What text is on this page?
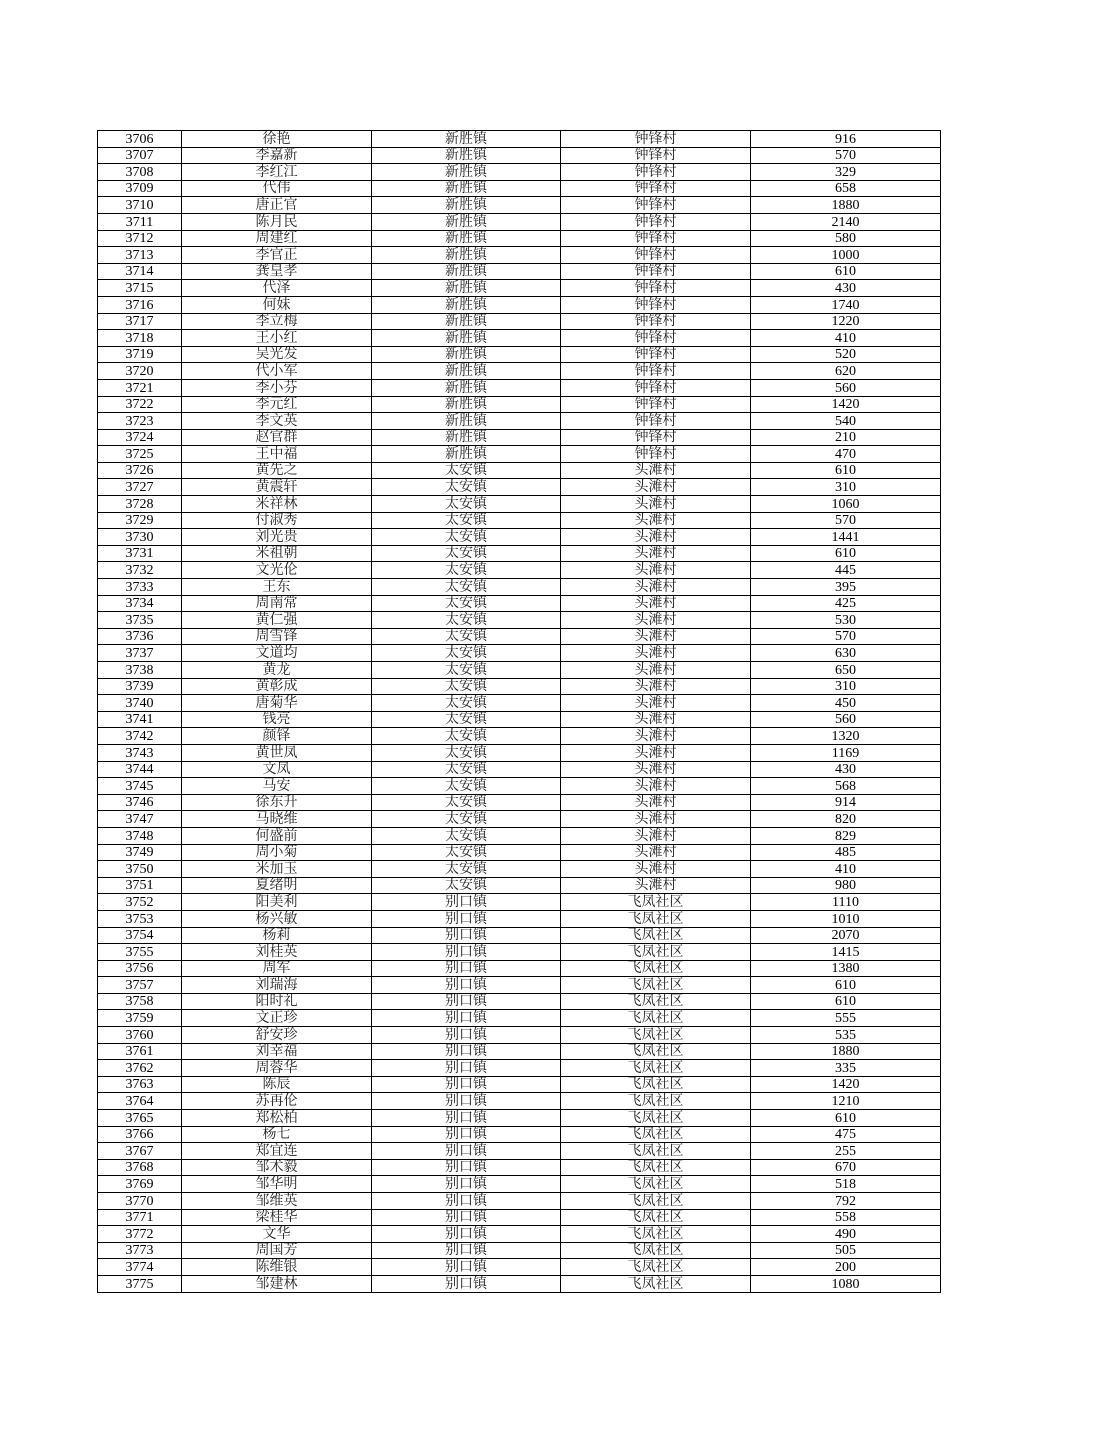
3706	徐艳	新胜镇	钟锋村	916
3707	李嘉新	新胜镇	钟锋村	570
3708	李红江	新胜镇	钟锋村	329
3709	代伟	新胜镇	钟锋村	658
3710	唐正官	新胜镇	钟锋村	1880
3711	陈月民	新胜镇	钟锋村	2140
3712	周建红	新胜镇	钟锋村	580
3713	李官正	新胜镇	钟锋村	1000
3714	龚皇孝	新胜镇	钟锋村	610
3715	代泽	新胜镇	钟锋村	430
3716	何妹	新胜镇	钟锋村	1740
3717	李立梅	新胜镇	钟锋村	1220
3718	王小红	新胜镇	钟锋村	410
3719	吴光发	新胜镇	钟锋村	520
3720	代小军	新胜镇	钟锋村	620
3721	李小芬	新胜镇	钟锋村	560
3722	李元红	新胜镇	钟锋村	1420
3723	李文英	新胜镇	钟锋村	540
3724	赵官群	新胜镇	钟锋村	210
3725	王中福	新胜镇	钟锋村	470
3726	黄先之	太安镇	头滩村	610
3727	黄震轩	太安镇	头滩村	310
3728	米祥林	太安镇	头滩村	1060
3729	付淑秀	太安镇	头滩村	570
3730	刘光贵	太安镇	头滩村	1441
3731	米祖朝	太安镇	头滩村	610
3732	文光伦	太安镇	头滩村	445
3733	王东	太安镇	头滩村	395
3734	周南常	太安镇	头滩村	425
3735	黄仁强	太安镇	头滩村	530
3736	周雪锋	太安镇	头滩村	570
3737	文道均	太安镇	头滩村	630
3738	黄龙	太安镇	头滩村	650
3739	黄彰成	太安镇	头滩村	310
3740	唐菊华	太安镇	头滩村	450
3741	钱亮	太安镇	头滩村	560
3742	颜铎	太安镇	头滩村	1320
3743	黄世凤	太安镇	头滩村	1169
3744	文凤	太安镇	头滩村	430
3745	马安	太安镇	头滩村	568
3746	徐东升	太安镇	头滩村	914
3747	马晓维	太安镇	头滩村	820
3748	何盛前	太安镇	头滩村	829
3749	周小菊	太安镇	头滩村	485
3750	米加玉	太安镇	头滩村	410
3751	夏绪明	太安镇	头滩村	980
3752	阳美利	别口镇	飞凤社区	1110
3753	杨兴敏	别口镇	飞凤社区	1010
3754	杨莉	别口镇	飞凤社区	2070
3755	刘桂英	别口镇	飞凤社区	1415
3756	周军	别口镇	飞凤社区	1380
3757	刘瑞海	别口镇	飞凤社区	610
3758	阳时礼	别口镇	飞凤社区	610
3759	文正珍	别口镇	飞凤社区	555
3760	舒安珍	别口镇	飞凤社区	535
3761	刘幸福	别口镇	飞凤社区	1880
3762	周蓉华	别口镇	飞凤社区	335
3763	陈辰	别口镇	飞凤社区	1420
3764	苏再伦	别口镇	飞凤社区	1210
3765	郑松柏	别口镇	飞凤社区	610
3766	杨七	别口镇	飞凤社区	475
3767	郑宜连	别口镇	飞凤社区	255
3768	邹术毅	别口镇	飞凤社区	670
3769	邹华明	别口镇	飞凤社区	518
3770	邹维英	别口镇	飞凤社区	792
3771	梁桂华	别口镇	飞凤社区	558
3772	文华	别口镇	飞凤社区	490
3773	周国芳	别口镇	飞凤社区	505
3774	陈维银	别口镇	飞凤社区	200
3775	邹建林	别口镇	飞凤社区	1080
